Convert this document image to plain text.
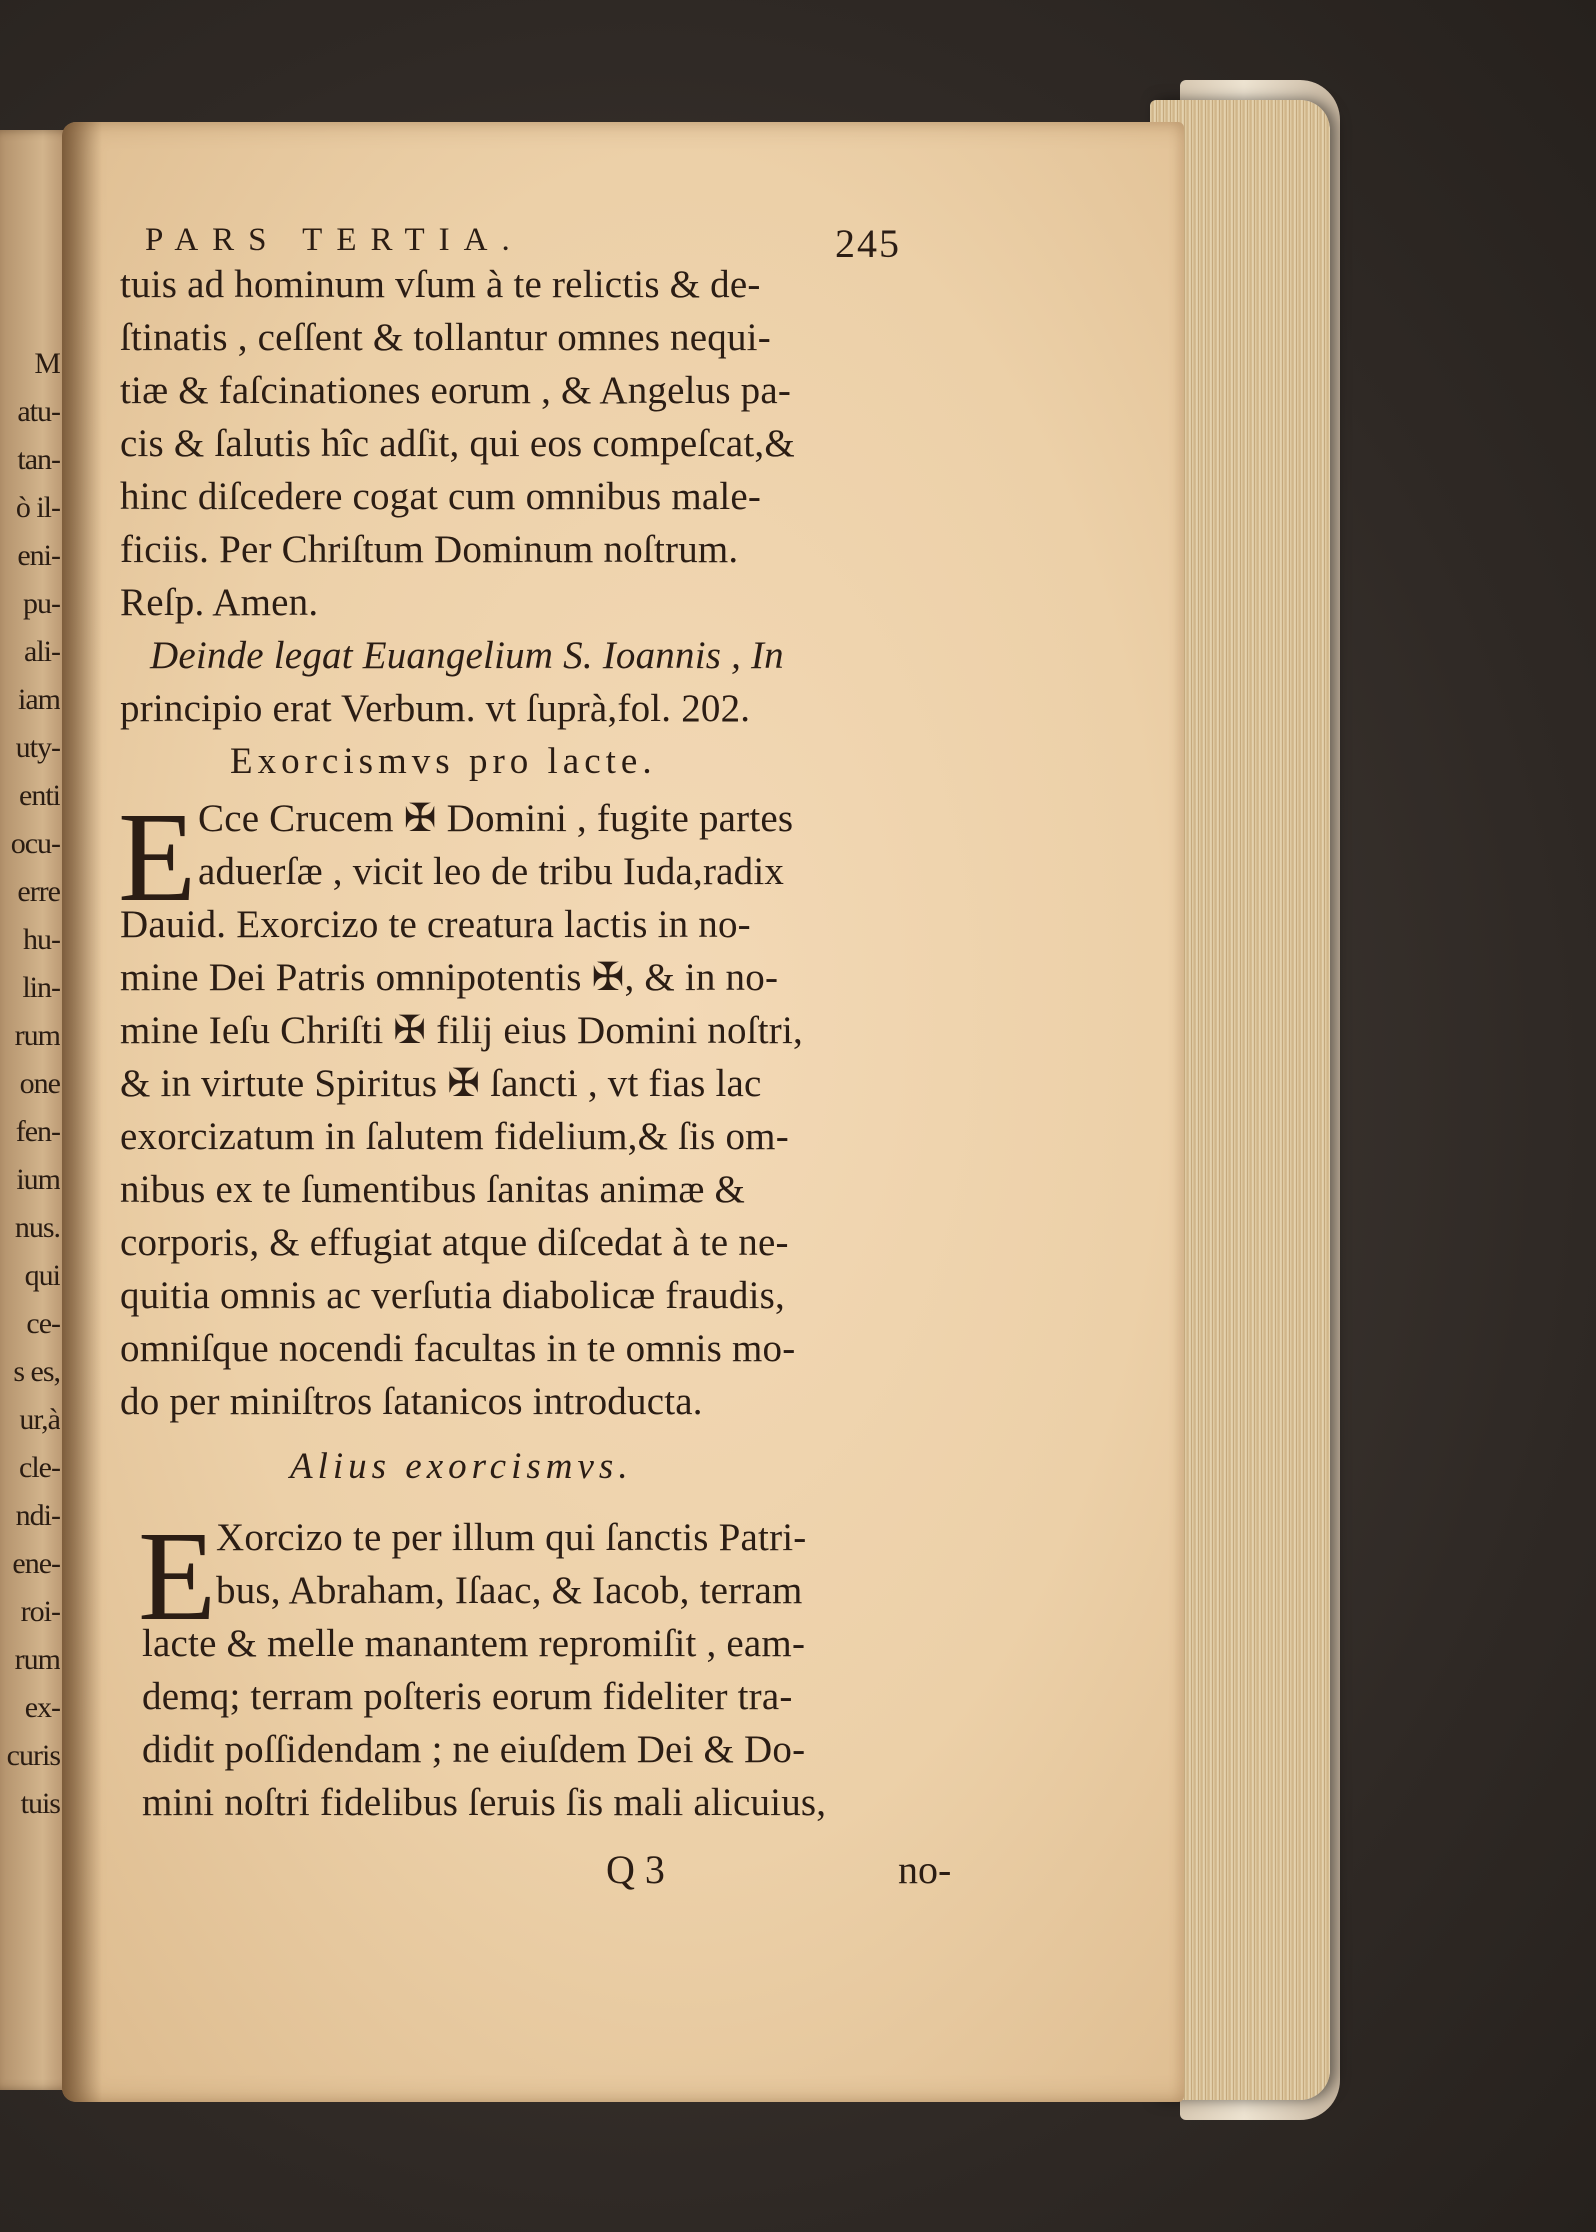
M
atu-
tan-
ò il-
eni-
pu-
ali-
iam
uty-
enti
ocu-
erre
hu-
lin-
rum
one
fen-
ium
nus.
qui
ce-
s es,
ur,à
cle-
ndi-
ene-
roi-
rum
ex-
curis
tuis
PARS TERTIA.	245
tuis ad hominum vſum à te relictis & de-
ſtinatis , ceſſent & tollantur omnes nequi-
tiæ & faſcinationes eorum , & Angelus pa-
cis & ſalutis hîc adſit, qui eos compeſcat,&
hinc diſcedere cogat cum omnibus male-
ficiis. Per Chriſtum Dominum noſtrum.
Reſp. Amen.
Deinde legat Euangelium S. Ioannis , In
principio erat Verbum. vt ſuprà,fol. 202.
Exorcismvs pro lacte.
E Cce Crucem ✠ Domini , fugite partes
aduerſæ , vicit leo de tribu Iuda,radix
Dauid. Exorcizo te creatura lactis in no-
mine Dei Patris omnipotentis ✠, & in no-
mine Ieſu Chriſti ✠ filij eius Domini noſtri,
& in virtute Spiritus ✠ ſancti , vt fias lac
exorcizatum in ſalutem fidelium,& ſis om-
nibus ex te ſumentibus ſanitas animæ &
corporis, & effugiat atque diſcedat à te ne-
quitia omnis ac verſutia diabolicæ fraudis,
omniſque nocendi facultas in te omnis mo-
do per miniſtros ſatanicos introducta.
Alius exorcismvs.
E Xorcizo te per illum qui ſanctis Patri-
bus, Abraham, Iſaac, & Iacob, terram
lacte & melle manantem repromiſit , eam-
demq; terram poſteris eorum fideliter tra-
didit poſſidendam ; ne eiuſdem Dei & Do-
mini noſtri fidelibus ſeruis ſis mali alicuius,
Q 3	no-
